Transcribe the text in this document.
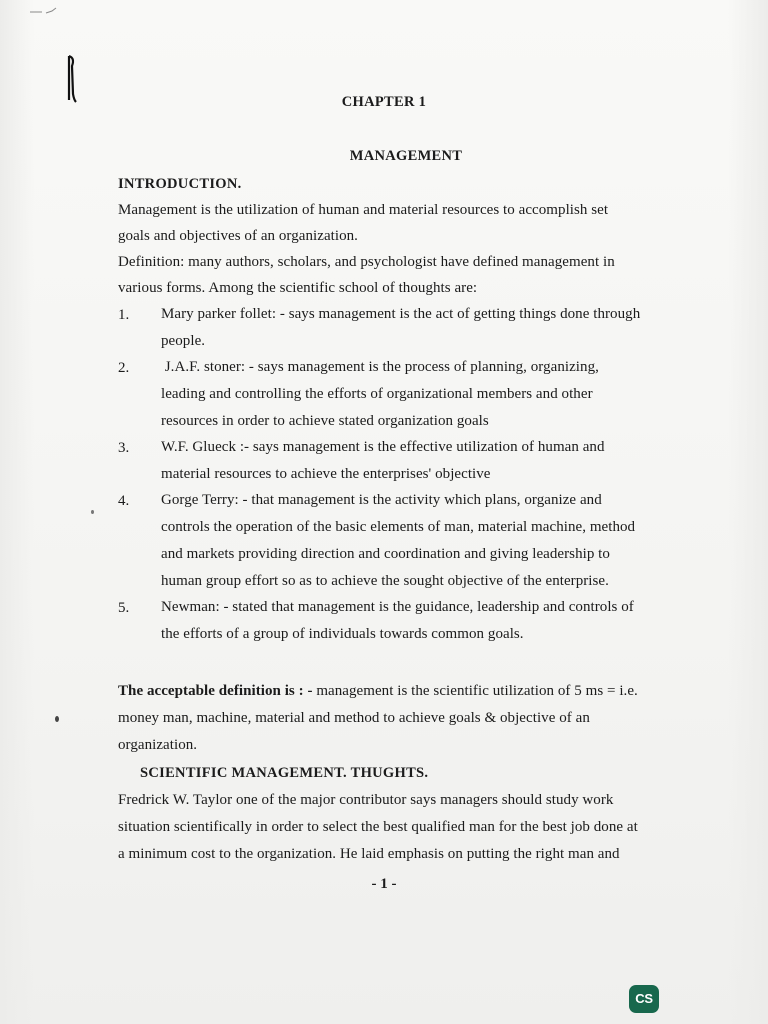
CHAPTER 1
MANAGEMENT
INTRODUCTION.
Management is the utilization of human and material resources to accomplish set
goals and objectives of an organization.
Definition: many authors, scholars, and psychologist have defined management in
various forms. Among the scientific school of thoughts are:
1. Mary parker follet: - says management is the act of getting things done through
people.
2. J.A.F. stoner: - says management is the process of planning, organizing,
leading and controlling the efforts of organizational members and other
resources in order to achieve stated organization goals
3. W.F. Glueck :- says management is the effective utilization of human and
material resources to achieve the enterprises' objective
4. Gorge Terry: - that management is the activity which plans, organize and
controls the operation of the basic elements of man, material machine, method
and markets providing direction and coordination and giving leadership to
human group effort so as to achieve the sought objective of the enterprise.
5. Newman: - stated that management is the guidance, leadership and controls of
the efforts of a group of individuals towards common goals.
The acceptable definition is : - management is the scientific utilization of 5 ms = i.e.
money man, machine, material and method to achieve goals & objective of an
organization.
SCIENTIFIC MANAGEMENT. THUGHTS.
Fredrick W. Taylor one of the major contributor says managers should study work
situation scientifically in order to select the best qualified man for the best job done at
a minimum cost to the organization. He laid emphasis on putting the right man and
- 1 -
CS
